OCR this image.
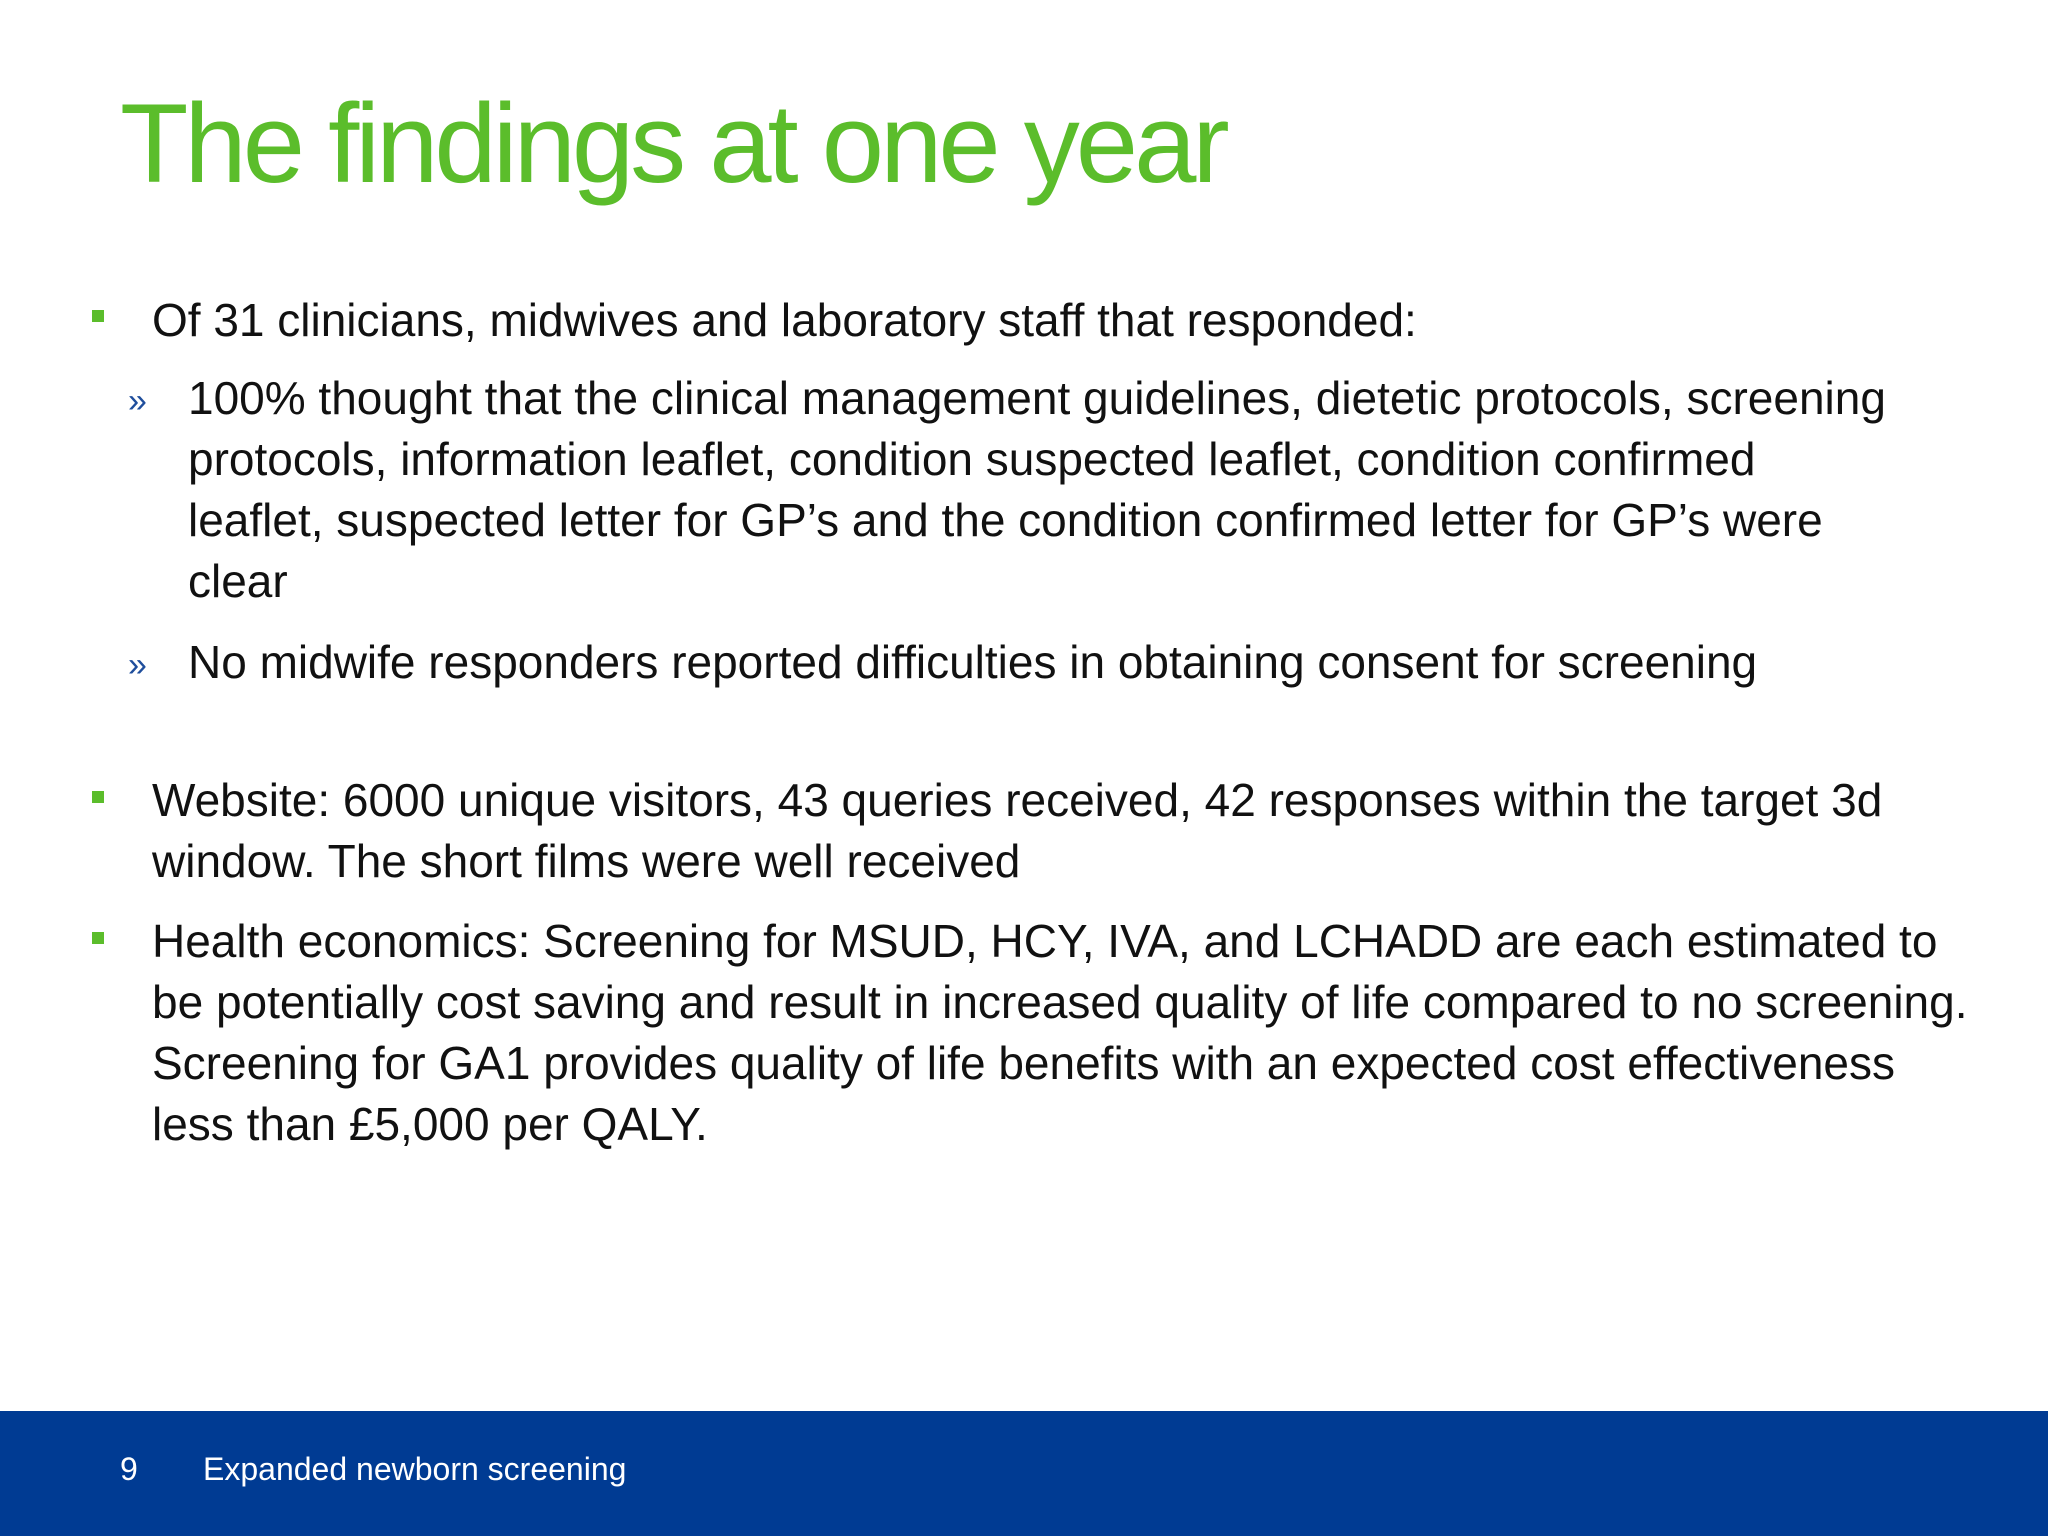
The findings at one year
Of 31 clinicians, midwives and laboratory staff that responded:
» 100% thought that the clinical management guidelines, dietetic protocols, screening protocols, information leaflet, condition suspected leaflet, condition confirmed leaflet, suspected letter for GP’s and the condition confirmed letter for GP’s were clear
» No midwife responders reported difficulties in obtaining consent for screening
Website: 6000 unique visitors, 43 queries received, 42 responses within the target 3d window. The short films were well received
Health economics: Screening for MSUD, HCY, IVA, and LCHADD are each estimated to be potentially cost saving and result in increased quality of life compared to no screening. Screening for GA1 provides quality of life benefits with an expected cost effectiveness less than £5,000 per QALY.
9 Expanded newborn screening
